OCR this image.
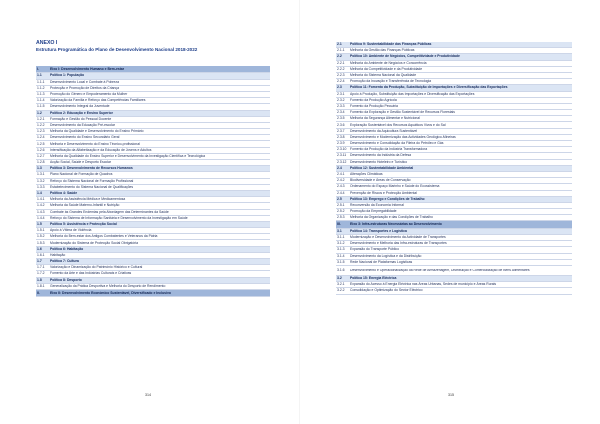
ANEXO I
Estrutura Programática do Plano de Desenvolvimento Nacional 2018-2022
I.	Eixo I: Desenvolvimento Humano e Bem-estar
1.1	Política 1: População
1.1.1	Desenvolvimento Local e Combate à Pobreza
1.1.2	Protecção e Promoção de Direitos da Criança
1.1.3	Promoção do Género e Empoderamento da Mulher
1.1.4	Valorização da Família e Reforço das Competências Familiares
1.1.5	Desenvolvimento Integral da Juventude
1.2	Política 2: Educação e Ensino Superior
1.2.1	Formação e Gestão do Pessoal Docente
1.2.2	Desenvolvimento da Educação Pré-escolar
1.2.3	Melhoria da Qualidade e Desenvolvimento do Ensino Primário
1.2.4	Desenvolvimento do Ensino Secundário Geral
1.2.5	Melhoria e Desenvolvimento do Ensino Técnico-profissional
1.2.6	Intensificação da Alfabetização e da Educação de Jovens e Adultos
1.2.7	Melhoria da Qualidade do Ensino Superior e Desenvolvimento da Investigação Científica e Tecnológica
1.2.8	Acção Social, Saúde e Desporto Escolar
1.3	Política 3: Desenvolvimento de Recursos Humanos
1.3.1	Plano Nacional de Formação de Quadros
1.3.2	Reforço do Sistema Nacional de Formação Profissional
1.3.3	Estabelecimento do Sistema Nacional de Qualificações
1.4	Política 4: Saúde
1.4.1	Melhoria da Assistência Médica e Medicamentosa
1.4.2	Melhoria da Saúde Materno-Infantil e Nutrição
1.4.3	Combate às Grandes Endemias pela Abordagem das Determinantes da Saúde
1.4.4	Reforço do Sistema de Informação Sanitária e Desenvolvimento da Investigação em Saúde
1.5	Política 5: Assistência e Protecção Social
1.5.1	Apoio à Vítima de Violência
1.5.2	Melhoria do Bem-estar dos Antigos Combatentes e Veteranos da Pátria
1.5.3	Modernização do Sistema de Protecção Social Obrigatória
1.6	Política 6: Habitação
1.6.1	Habitação
1.7	Política 7: Cultura
1.7.1	Valorização e Dinamização do Património Histórico e Cultural
1.7.2	Fomento da Arte e das Indústrias Culturais e Criativas
1.8	Política 8: Desporto
1.8.1	Generalização da Prática Desportiva e Melhoria do Desporto de Rendimento
II.	Eixo II: Desenvolvimento Económico Sustentável, Diversificado e Inclusivo
314
2.1	Política 9: Sustentabilidade das Finanças Públicas
2.1.1	Melhoria da Gestão das Finanças Públicas
2.2	Política 10: Ambiente de Negócios, Competitividade e Produtividade
2.2.1	Melhoria do Ambiente de Negócios e Concorrência
2.2.2	Melhoria da Competitividade e da Produtividade
2.2.3	Melhoria do Sistema Nacional da Qualidade
2.2.4	Promoção da Inovação e Transferência de Tecnologia
2.3	Política 11: Fomento da Produção, Substituição de Importações e Diversificação das Exportações
2.3.1	Apoio à Produção, Substituição das Importações e Diversificação das Exportações
2.3.2	Fomento da Produção Agrícola
2.3.3	Fomento da Produção Pecuária
2.3.4	Fomento da Exploração e Gestão Sustentável de Recursos Florestais
2.3.5	Melhoria da Segurança Alimentar e Nutricional
2.3.6	Exploração Sustentável dos Recursos Aquáticos Vivos e do Sal
2.3.7	Desenvolvimento da Aquicultura Sustentável
2.3.8	Desenvolvimento e Modernização das Actividades Geológico-Mineiras
2.3.9	Desenvolvimento e Consolidação da Fileira do Petróleo e Gás
2.3.10	Fomento da Produção da Indústria Transformadora
2.3.11	Desenvolvimento da Indústria da Defesa
2.3.12	Desenvolvimento Hoteleiro e Turístico
2.4	Política 12: Sustentabilidade Ambiental
2.4.1	Alterações Climáticas
2.4.2	Biodiversidade e Áreas de Conservação
2.4.3	Ordenamento do Espaço Marinho e Saúde do Ecossistema
2.4.4	Prevenção de Riscos e Protecção Ambiental
2.5	Política 13: Emprego e Condições de Trabalho
2.5.1	Reconversão da Economia Informal
2.5.2	Promoção da Empregabilidade
2.5.3	Melhoria da Organização e das Condições de Trabalho
III.	Eixo 3: Infra-estruturas Necessárias ao Desenvolvimento
3.1	Política 14: Transportes e Logística
3.1.1	Modernização e Desenvolvimento da Actividade de Transportes
3.1.2	Desenvolvimento e Melhoria das Infra-estruturas de Transportes
3.1.3	Expansão do Transporte Público
3.1.4	Desenvolvimento da Logística e da Distribuição
3.1.5	Rede Nacional de Plataformas Logísticas
3.1.6	Desenvolvimento e Operacionalização da Rede de Armazenagem, Distribuição e Comercialização de Bens Alimentares
3.2	Política 15: Energia Eléctrica
3.2.1	Expansão do Acesso à Energia Eléctrica nas Áreas Urbanas, Sedes de município e Áreas Rurais
3.2.2	Consolidação e Optimização do Sector Eléctrico
315
